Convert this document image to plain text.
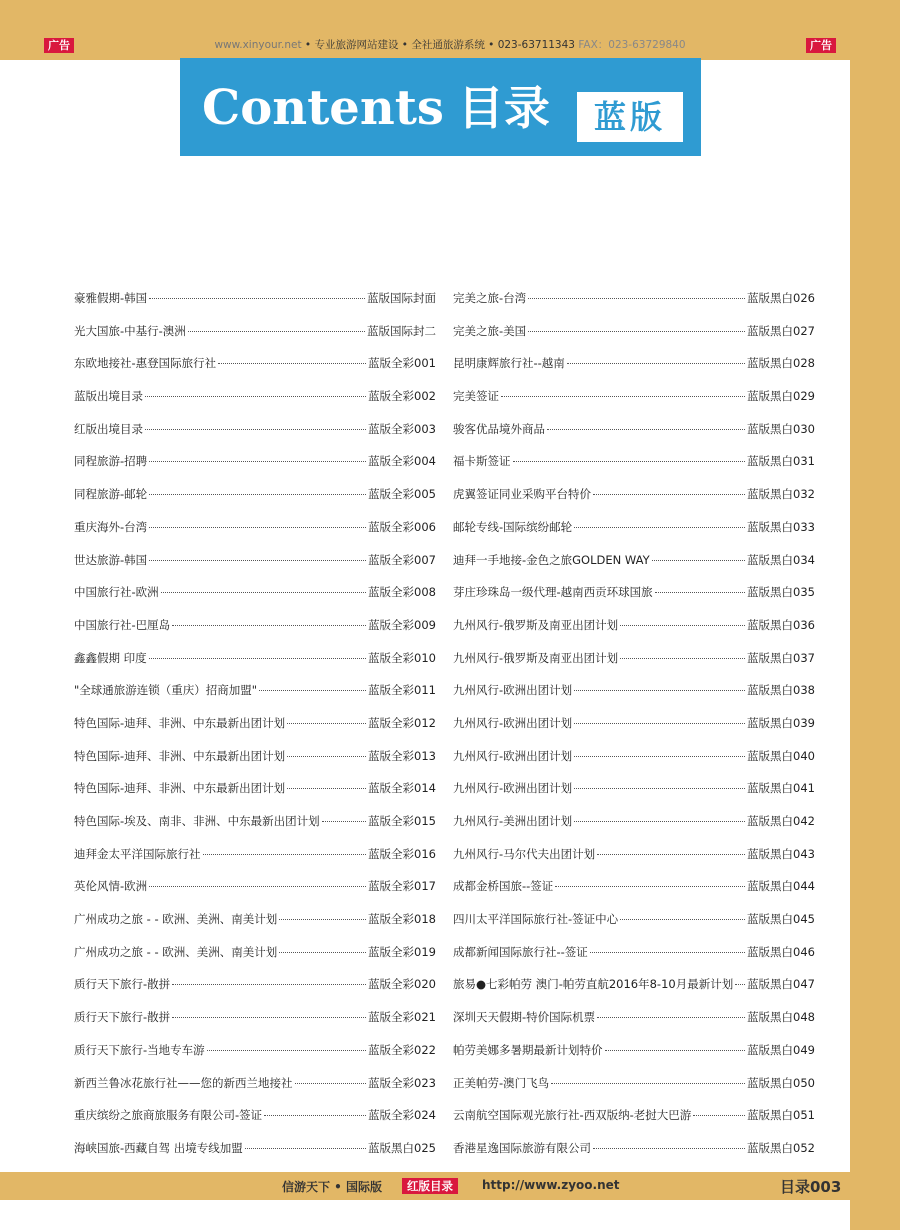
广告	www.xinyour.net • 专业旅游网站建设 • 全社通旅游系统 • 023-63711343 FAX：023-63729840	广告
Contents 目录	蓝版
豪雅假期-韩国	蓝版国际封面
光大国旅-中基行-澳洲	蓝版国际封二
东欧地接社-惠登国际旅行社	蓝版全彩001
蓝版出境目录	蓝版全彩002
红版出境目录	蓝版全彩003
同程旅游-招聘	蓝版全彩004
同程旅游-邮轮	蓝版全彩005
重庆海外-台湾	蓝版全彩006
世达旅游-韩国	蓝版全彩007
中国旅行社-欧洲	蓝版全彩008
中国旅行社-巴厘岛	蓝版全彩009
鑫鑫假期 印度	蓝版全彩010
"全球通旅游连锁（重庆）招商加盟"	蓝版全彩011
特色国际-迪拜、非洲、中东最新出团计划	蓝版全彩012
特色国际-迪拜、非洲、中东最新出团计划	蓝版全彩013
特色国际-迪拜、非洲、中东最新出团计划	蓝版全彩014
特色国际-埃及、南非、非洲、中东最新出团计划	蓝版全彩015
迪拜金太平洋国际旅行社	蓝版全彩016
英伦风情-欧洲	蓝版全彩017
广州成功之旅 - - 欧洲、美洲、南美计划	蓝版全彩018
广州成功之旅 - - 欧洲、美洲、南美计划	蓝版全彩019
质行天下旅行-散拼	蓝版全彩020
质行天下旅行-散拼	蓝版全彩021
质行天下旅行-当地专车游	蓝版全彩022
新西兰鲁冰花旅行社——您的新西兰地接社	蓝版全彩023
重庆缤纷之旅商旅服务有限公司-签证	蓝版全彩024
海峡国旅-西藏自驾 出境专线加盟	蓝版黑白025
完美之旅-台湾	蓝版黑白026
完美之旅-美国	蓝版黑白027
昆明康辉旅行社--越南	蓝版黑白028
完美签证	蓝版黑白029
骏客优品境外商品	蓝版黑白030
福卡斯签证	蓝版黑白031
虎翼签证同业采购平台特价	蓝版黑白032
邮轮专线-国际缤纷邮轮	蓝版黑白033
迪拜一手地接-金色之旅GOLDEN WAY	蓝版黑白034
芽庄珍珠岛一级代理-越南西贡环球国旅	蓝版黑白035
九州风行-俄罗斯及南亚出团计划	蓝版黑白036
九州风行-俄罗斯及南亚出团计划	蓝版黑白037
九州风行-欧洲出团计划	蓝版黑白038
九州风行-欧洲出团计划	蓝版黑白039
九州风行-欧洲出团计划	蓝版黑白040
九州风行-欧洲出团计划	蓝版黑白041
九州风行-美洲出团计划	蓝版黑白042
九州风行-马尔代夫出团计划	蓝版黑白043
成都金桥国旅--签证	蓝版黑白044
四川太平洋国际旅行社-签证中心	蓝版黑白045
成都新闻国际旅行社--签证	蓝版黑白046
旅易●七彩帕劳 澳门-帕劳直航2016年8-10月最新计划 蓝版黑白047
深圳天天假期-特价国际机票	蓝版黑白048
帕劳美娜多暑期最新计划特价	蓝版黑白049
正美帕劳-澳门飞鸟	蓝版黑白050
云南航空国际观光旅行社-西双版纳-老挝大巴游	蓝版黑白051
香港星逸国际旅游有限公司	蓝版黑白052
信游天下 • 国际版	红版目录	http://www.zyoo.net	目录003
